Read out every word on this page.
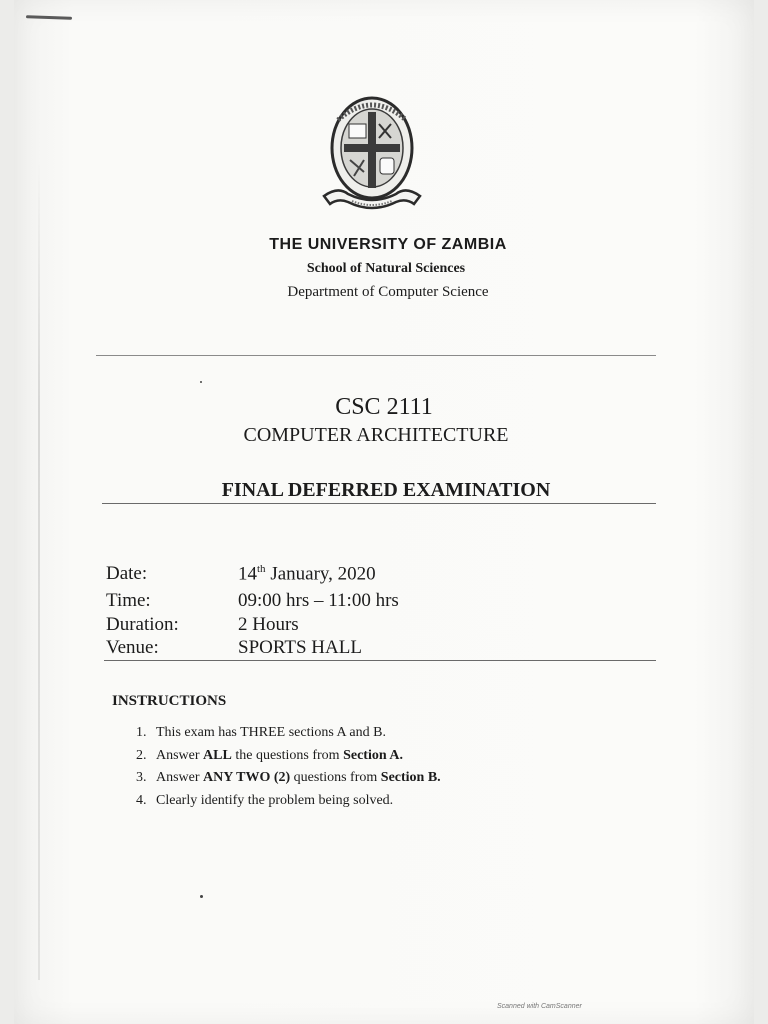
THE UNIVERSITY OF ZAMBIA
School of Natural Sciences
Department of Computer Science
CSC 2111
COMPUTER ARCHITECTURE
FINAL DEFERRED EXAMINATION
Date:	14th January, 2020
Time:	09:00 hrs – 11:00 hrs
Duration:	2 Hours
Venue:	SPORTS HALL
INSTRUCTIONS
1. This exam has THREE sections A and B.
2. Answer ALL the questions from Section A.
3. Answer ANY TWO (2) questions from Section B.
4. Clearly identify the problem being solved.
Scanned with CamScanner
